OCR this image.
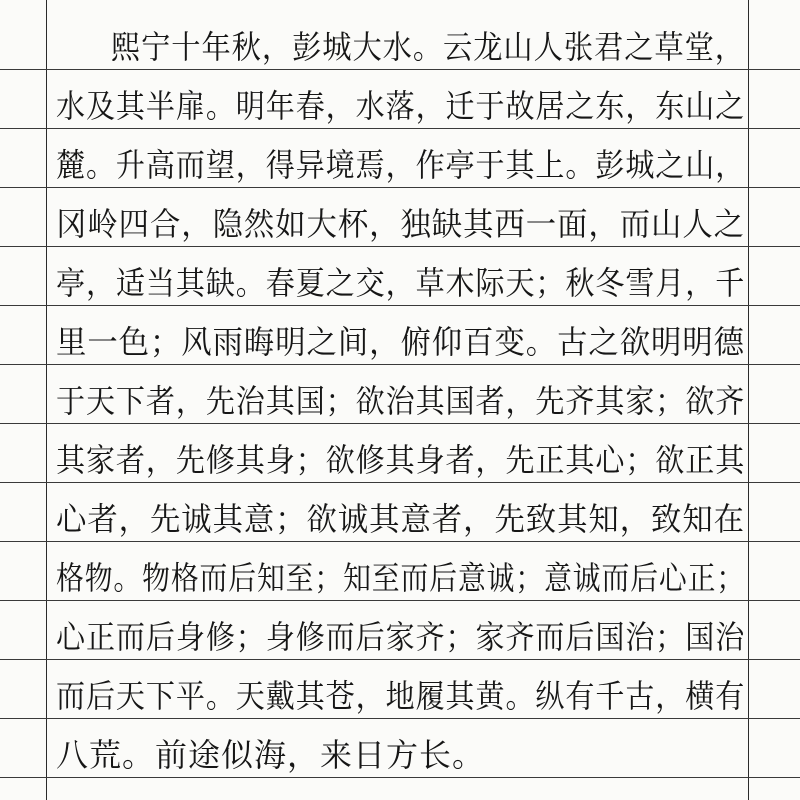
熙宁十年秋，彭城大水。云龙山人张君之草堂，
水及其半扉。明年春，水落，迁于故居之东，东山之
麓。升高而望，得异境焉，作亭于其上。彭城之山，
冈岭四合，隐然如大杯，独缺其西一面，而山人之
亭，适当其缺。春夏之交，草木际天；秋冬雪月，千
里一色；风雨晦明之间，俯仰百变。古之欲明明德
于天下者，先治其国；欲治其国者，先齐其家；欲齐
其家者，先修其身；欲修其身者，先正其心；欲正其
心者，先诚其意；欲诚其意者，先致其知，致知在
格物。物格而后知至；知至而后意诚；意诚而后心正；
心正而后身修；身修而后家齐；家齐而后国治；国治
而后天下平。天戴其苍，地履其黄。纵有千古，横有
八荒。前途似海，来日方长。
